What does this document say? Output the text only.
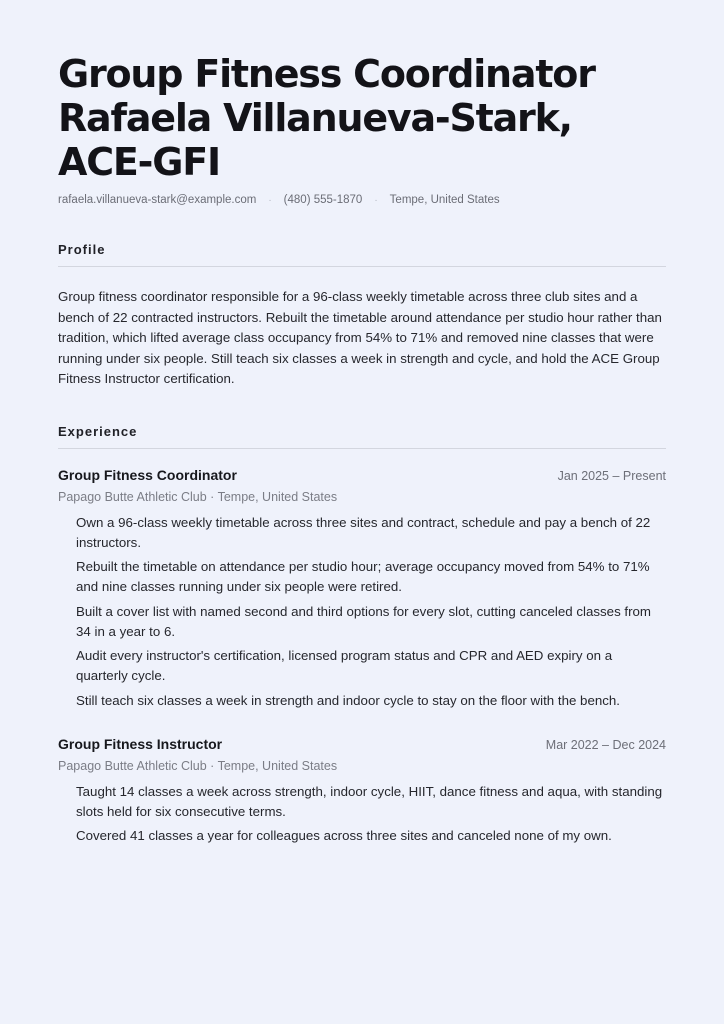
Group Fitness Coordinator
Rafaela Villanueva-Stark,
ACE-GFI
rafaela.villanueva-stark@example.com · (480) 555-1870 · Tempe, United States
Profile

Group fitness coordinator responsible for a 96-class weekly timetable across three club sites and a bench of 22 contracted instructors. Rebuilt the timetable around attendance per studio hour rather than tradition, which lifted average class occupancy from 54% to 71% and removed nine classes that were running under six people. Still teach six classes a week in strength and cycle, and hold the ACE Group Fitness Instructor certification.

Experience
Group Fitness Coordinator	Jan 2025 – Present
Papago Butte Athletic Club · Tempe, United States
Own a 96-class weekly timetable across three sites and contract, schedule and pay a bench of 22 instructors.
Rebuilt the timetable on attendance per studio hour; average occupancy moved from 54% to 71% and nine classes running under six people were retired.
Built a cover list with named second and third options for every slot, cutting canceled classes from 34 in a year to 6.
Audit every instructor's certification, licensed program status and CPR and AED expiry on a quarterly cycle.
Still teach six classes a week in strength and indoor cycle to stay on the floor with the bench.
Group Fitness Instructor	Mar 2022 – Dec 2024
Papago Butte Athletic Club · Tempe, United States
Taught 14 classes a week across strength, indoor cycle, HIIT, dance fitness and aqua, with standing slots held for six consecutive terms.
Covered 41 classes a year for colleagues across three sites and canceled none of my own.
